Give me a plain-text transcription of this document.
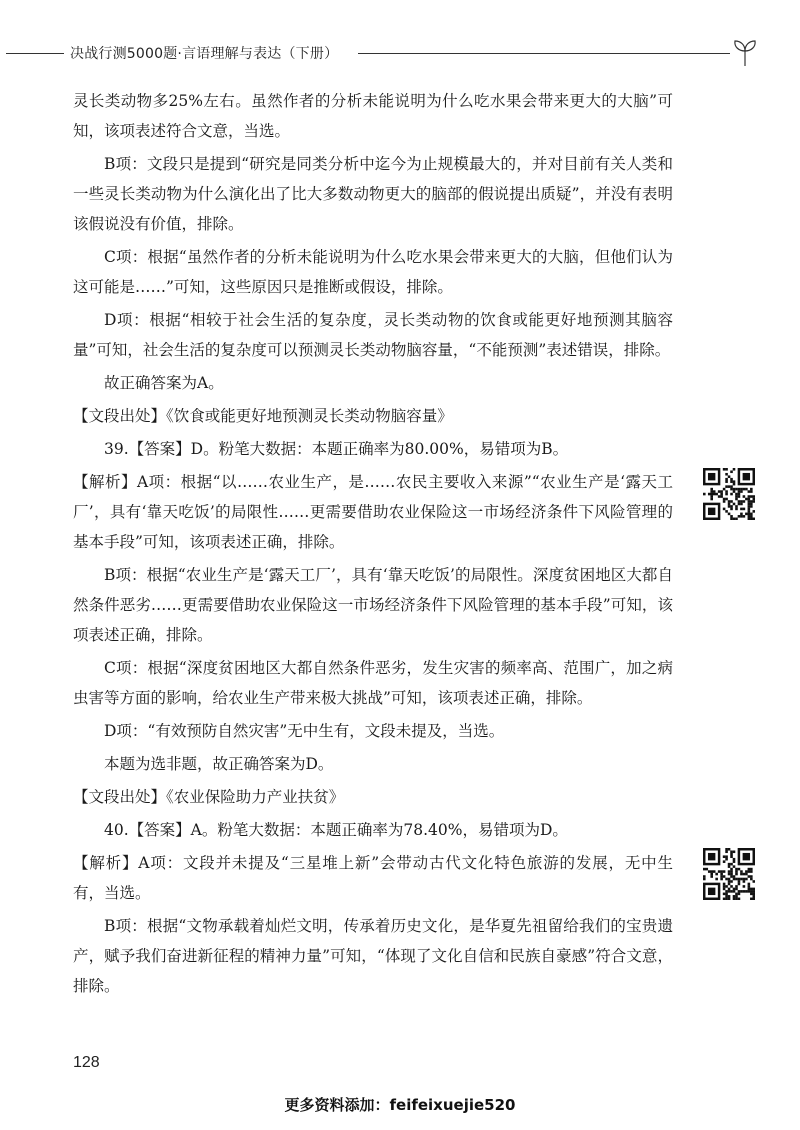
决战行测5000题·言语理解与表达（下册）

灵长类动物多25%左右。虽然作者的分析未能说明为什么吃水果会带来更大的大脑”可知，该项表述符合文意，当选。

B项：文段只是提到“研究是同类分析中迄今为止规模最大的，并对目前有关人类和一些灵长类动物为什么演化出了比大多数动物更大的脑部的假说提出质疑”，并没有表明该假说没有价值，排除。

C项：根据“虽然作者的分析未能说明为什么吃水果会带来更大的大脑，但他们认为这可能是……”可知，这些原因只是推断或假设，排除。

D项：根据“相较于社会生活的复杂度，灵长类动物的饮食或能更好地预测其脑容量”可知，社会生活的复杂度可以预测灵长类动物脑容量，“不能预测”表述错误，排除。

故正确答案为A。

【文段出处】《饮食或能更好地预测灵长类动物脑容量》

39.【答案】D。粉笔大数据：本题正确率为80.00%，易错项为B。

【解析】A项：根据“以……农业生产，是……农民主要收入来源”“农业生产是‘露天工厂’，具有‘靠天吃饭’的局限性……更需要借助农业保险这一市场经济条件下风险管理的基本手段”可知，该项表述正确，排除。

B项：根据“农业生产是‘露天工厂’，具有‘靠天吃饭’的局限性。深度贫困地区大都自然条件恶劣……更需要借助农业保险这一市场经济条件下风险管理的基本手段”可知，该项表述正确，排除。

C项：根据“深度贫困地区大都自然条件恶劣，发生灾害的频率高、范围广，加之病虫害等方面的影响，给农业生产带来极大挑战”可知，该项表述正确，排除。

D项：“有效预防自然灾害”无中生有，文段未提及，当选。

本题为选非题，故正确答案为D。

【文段出处】《农业保险助力产业扶贫》

40.【答案】A。粉笔大数据：本题正确率为78.40%，易错项为D。

【解析】A项：文段并未提及“三星堆上新”会带动古代文化特色旅游的发展，无中生有，当选。

B项：根据“文物承载着灿烂文明，传承着历史文化，是华夏先祖留给我们的宝贵遗产，赋予我们奋进新征程的精神力量”可知，“体现了文化自信和民族自豪感”符合文意，排除。

128
更多资料添加：feifeixuejie520
